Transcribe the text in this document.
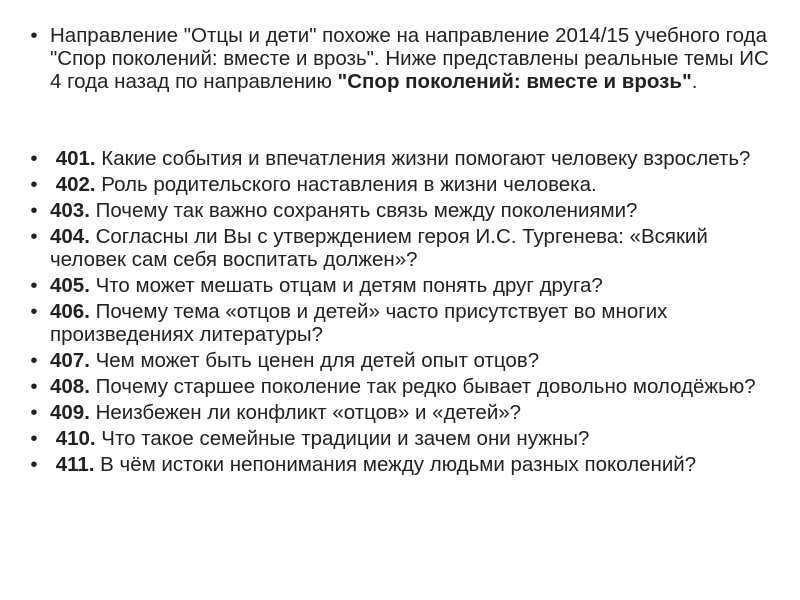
• Направление "Отцы и дети" похоже на направление 2014/15 учебного года "Спор поколений: вместе и врозь". Ниже представлены реальные темы ИС 4 года назад по направлению "Спор поколений: вместе и врозь".
• 401. Какие события и впечатления жизни помогают человеку взрослеть?
• 402. Роль родительского наставления в жизни человека.
• 403. Почему так важно сохранять связь между поколениями?
• 404. Согласны ли Вы с утверждением героя И.С. Тургенева: «Всякий человек сам себя воспитать должен»?
• 405. Что может мешать отцам и детям понять друг друга?
• 406. Почему тема «отцов и детей» часто присутствует во многих произведениях литературы?
• 407. Чем может быть ценен для детей опыт отцов?
• 408. Почему старшее поколение так редко бывает довольно молодёжью?
• 409. Неизбежен ли конфликт «отцов» и «детей»?
• 410. Что такое семейные традиции и зачем они нужны?
• 411. В чём истоки непонимания между людьми разных поколений?
